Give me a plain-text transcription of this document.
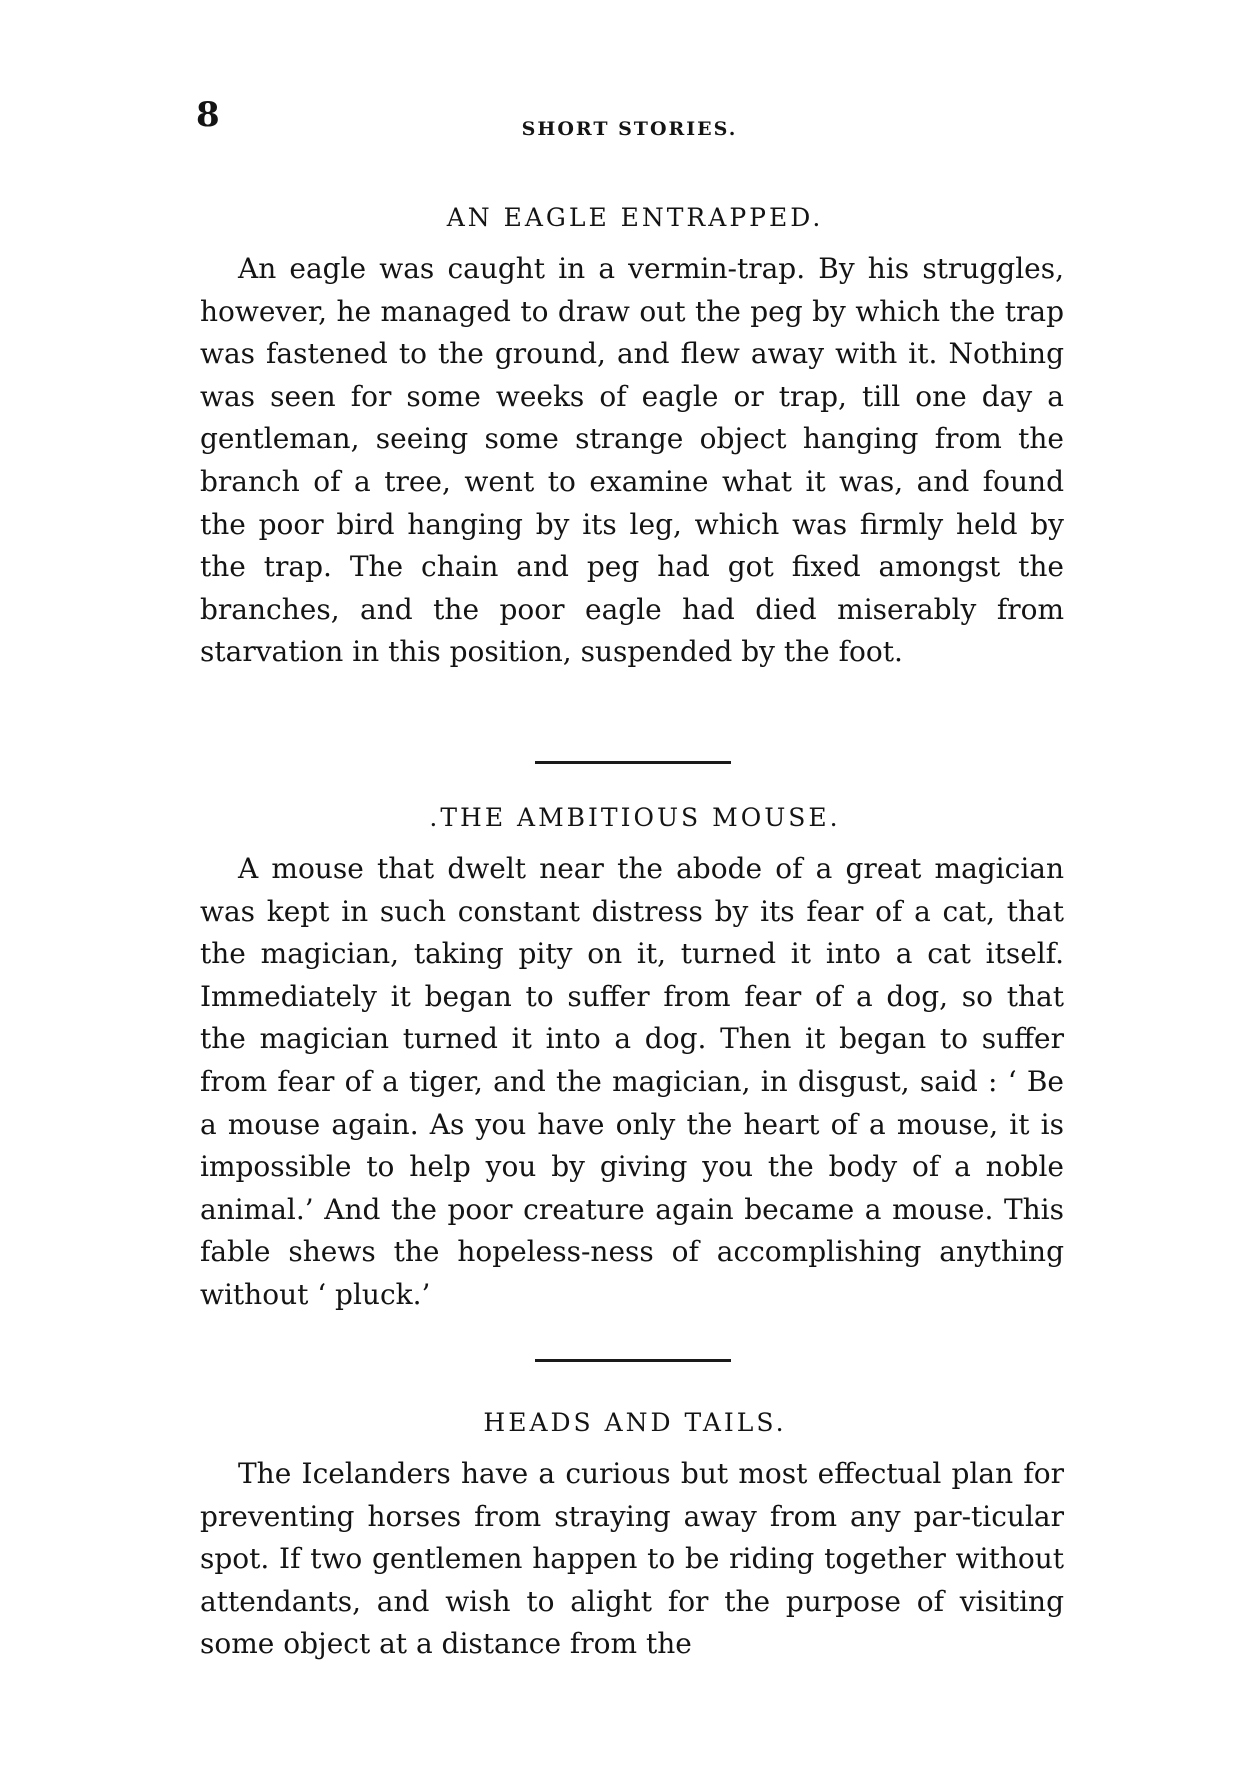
8	SHORT STORIES.
AN EAGLE ENTRAPPED.

An eagle was caught in a vermin-trap. By his struggles, however, he managed to draw out the peg by which the trap was fastened to the ground, and flew away with it. Nothing was seen for some weeks of eagle or trap, till one day a gentleman, seeing some strange object hanging from the branch of a tree, went to examine what it was, and found the poor bird hanging by its leg, which was firmly held by the trap. The chain and peg had got fixed amongst the branches, and the poor eagle had died miserably from starvation in this position, suspended by the foot.

.THE AMBITIOUS MOUSE.

A mouse that dwelt near the abode of a great magician was kept in such constant distress by its fear of a cat, that the magician, taking pity on it, turned it into a cat itself. Immediately it began to suffer from fear of a dog, so that the magician turned it into a dog. Then it began to suffer from fear of a tiger, and the magician, in disgust, said : ‘ Be a mouse again. As you have only the heart of a mouse, it is impossible to help you by giving you the body of a noble animal.’ And the poor creature again became a mouse. This fable shews the hopeless-ness of accomplishing anything without ‘ pluck.’

HEADS AND TAILS.

The Icelanders have a curious but most effectual plan for preventing horses from straying away from any par-ticular spot. If two gentlemen happen to be riding together without attendants, and wish to alight for the purpose of visiting some object at a distance from the
